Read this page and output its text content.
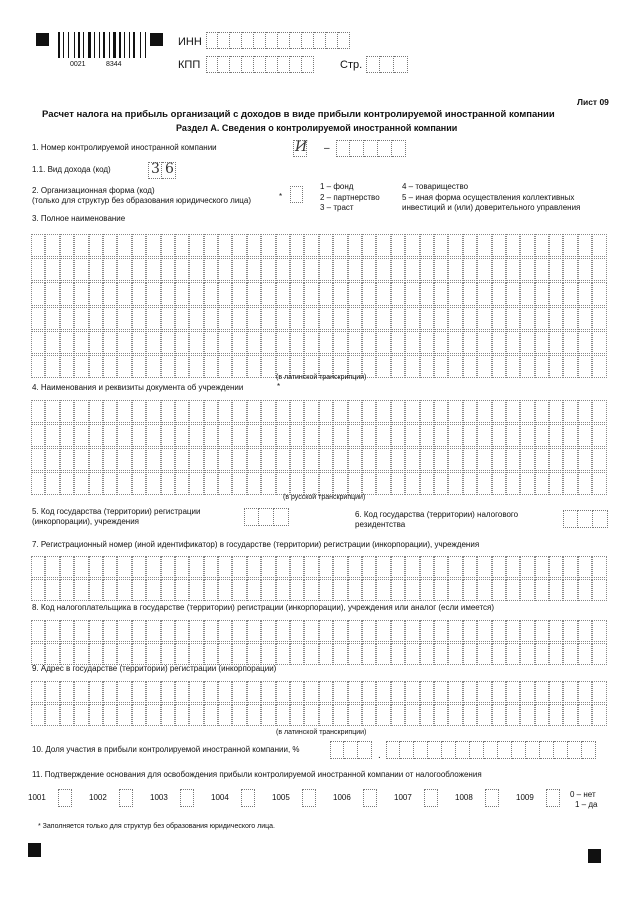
0021	8344
ИНН
КПП	Стр.
Лист 09
Расчет налога на прибыль организаций с доходов в виде прибыли контролируемой иностранной компании
Раздел А. Сведения о контролируемой иностранной компании
1. Номер контролируемой иностранной компании	И –
1.1. Вид дохода (код)	3 6
2. Организационная форма (код)
(только для структур без образования юридического лица)	*
1 – фонд
2 – партнерство
3 – траст
4 – товарищество
5 – иная форма осуществления коллективных
инвестиций и (или) доверительного управления
3. Полное наименование
(в латинской транскрипции)
4. Наименования и реквизиты документа об учреждении	*
(в русской транскрипции)
5. Код государства (территории) регистрации
(инкорпорации), учреждения
6. Код государства (территории) налогового
резидентства
7. Регистрационный номер (иной идентификатор) в государстве (территории) регистрации (инкорпорации), учреждения
8. Код налогоплательщика в государстве (территории) регистрации (инкорпорации), учреждения или аналог (если имеется)
9. Адрес в государстве (территории) регистрации (инкорпорации)
(в латинской транскрипции)
10. Доля участия в прибыли контролируемой иностранной компании, %
.
11. Подтверждение основания для освобождения прибыли контролируемой иностранной компании от налогообложения
1001	1002	1003	1004	1005	1006	1007	1008	1009	0 – нет
1 – да
* Заполняется только для структур без образования юридического лица.
